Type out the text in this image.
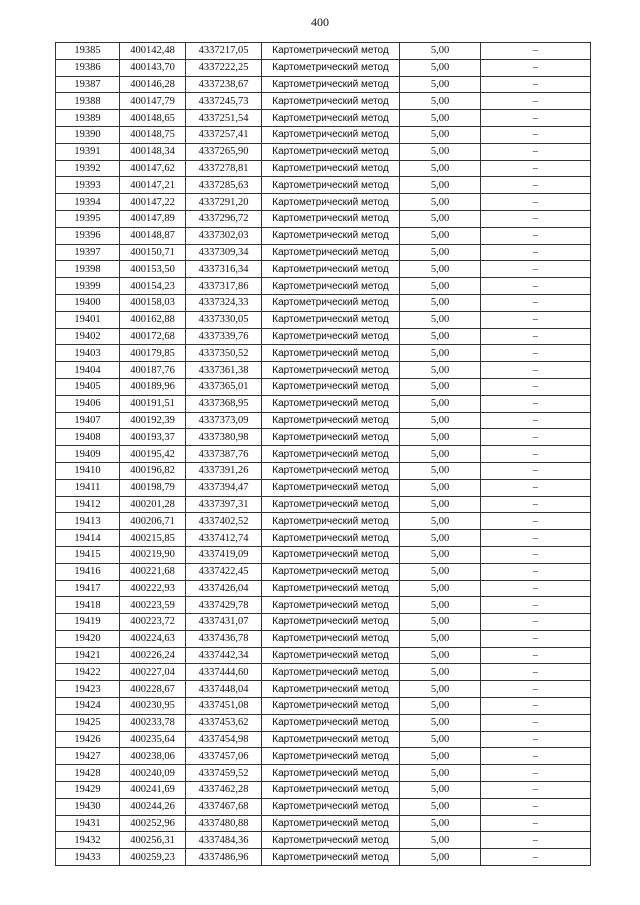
400
19385	400142,48	4337217,05	Картометрический метод	5,00	–
19386	400143,70	4337222,25	Картометрический метод	5,00	–
19387	400146,28	4337238,67	Картометрический метод	5,00	–
19388	400147,79	4337245,73	Картометрический метод	5,00	–
19389	400148,65	4337251,54	Картометрический метод	5,00	–
19390	400148,75	4337257,41	Картометрический метод	5,00	–
19391	400148,34	4337265,90	Картометрический метод	5,00	–
19392	400147,62	4337278,81	Картометрический метод	5,00	–
19393	400147,21	4337285,63	Картометрический метод	5,00	–
19394	400147,22	4337291,20	Картометрический метод	5,00	–
19395	400147,89	4337296,72	Картометрический метод	5,00	–
19396	400148,87	4337302,03	Картометрический метод	5,00	–
19397	400150,71	4337309,34	Картометрический метод	5,00	–
19398	400153,50	4337316,34	Картометрический метод	5,00	–
19399	400154,23	4337317,86	Картометрический метод	5,00	–
19400	400158,03	4337324,33	Картометрический метод	5,00	–
19401	400162,88	4337330,05	Картометрический метод	5,00	–
19402	400172,68	4337339,76	Картометрический метод	5,00	–
19403	400179,85	4337350,52	Картометрический метод	5,00	–
19404	400187,76	4337361,38	Картометрический метод	5,00	–
19405	400189,96	4337365,01	Картометрический метод	5,00	–
19406	400191,51	4337368,95	Картометрический метод	5,00	–
19407	400192,39	4337373,09	Картометрический метод	5,00	–
19408	400193,37	4337380,98	Картометрический метод	5,00	–
19409	400195,42	4337387,76	Картометрический метод	5,00	–
19410	400196,82	4337391,26	Картометрический метод	5,00	–
19411	400198,79	4337394,47	Картометрический метод	5,00	–
19412	400201,28	4337397,31	Картометрический метод	5,00	–
19413	400206,71	4337402,52	Картометрический метод	5,00	–
19414	400215,85	4337412,74	Картометрический метод	5,00	–
19415	400219,90	4337419,09	Картометрический метод	5,00	–
19416	400221,68	4337422,45	Картометрический метод	5,00	–
19417	400222,93	4337426,04	Картометрический метод	5,00	–
19418	400223,59	4337429,78	Картометрический метод	5,00	–
19419	400223,72	4337431,07	Картометрический метод	5,00	–
19420	400224,63	4337436,78	Картометрический метод	5,00	–
19421	400226,24	4337442,34	Картометрический метод	5,00	–
19422	400227,04	4337444,60	Картометрический метод	5,00	–
19423	400228,67	4337448,04	Картометрический метод	5,00	–
19424	400230,95	4337451,08	Картометрический метод	5,00	–
19425	400233,78	4337453,62	Картометрический метод	5,00	–
19426	400235,64	4337454,98	Картометрический метод	5,00	–
19427	400238,06	4337457,06	Картометрический метод	5,00	–
19428	400240,09	4337459,52	Картометрический метод	5,00	–
19429	400241,69	4337462,28	Картометрический метод	5,00	–
19430	400244,26	4337467,68	Картометрический метод	5,00	–
19431	400252,96	4337480,88	Картометрический метод	5,00	–
19432	400256,31	4337484,36	Картометрический метод	5,00	–
19433	400259,23	4337486,96	Картометрический метод	5,00	–
